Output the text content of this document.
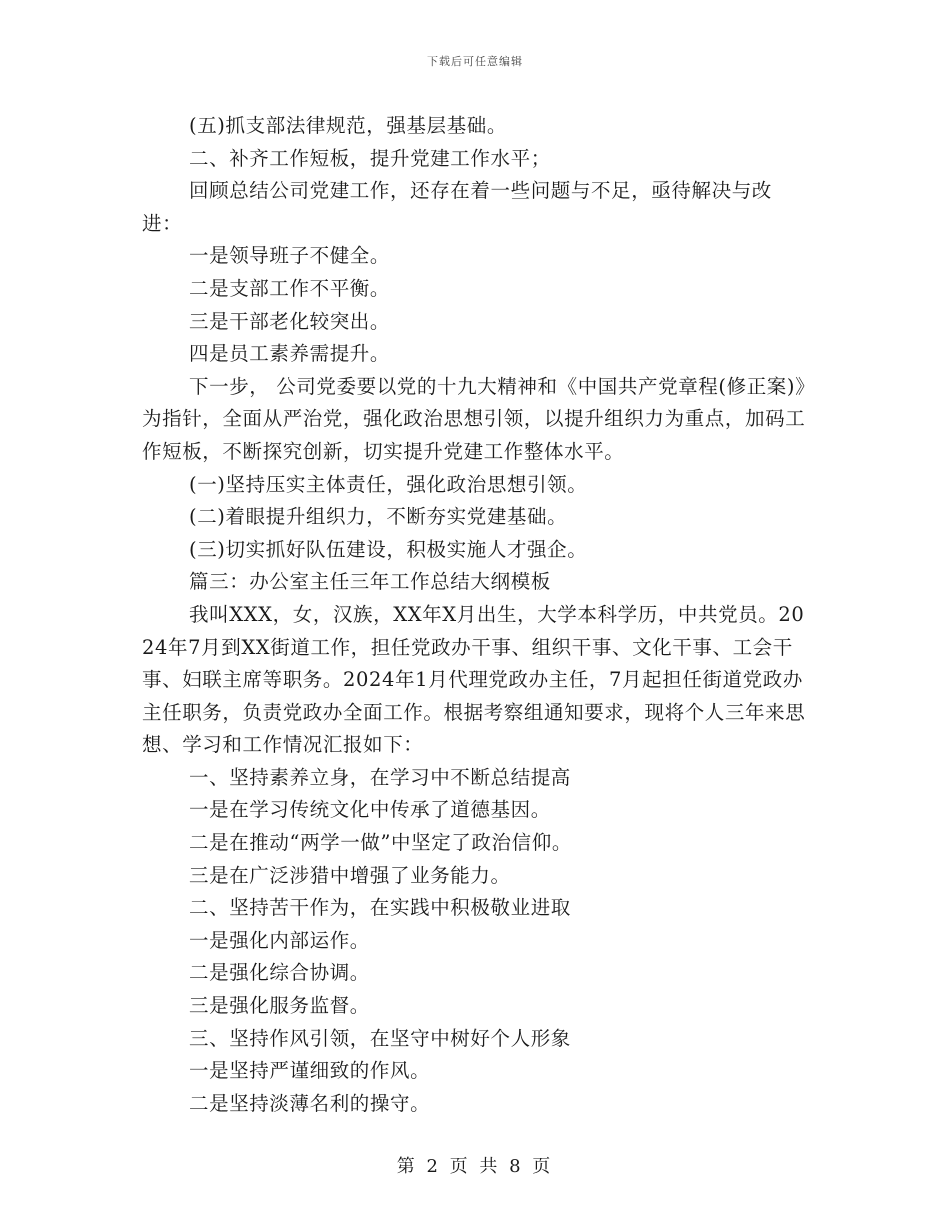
下载后可任意编辑

(五)抓支部法律规范，强基层基础。

二、补齐工作短板，提升党建工作水平；

回顾总结公司党建工作，还存在着一些问题与不足，亟待解决与改进：

一是领导班子不健全。

二是支部工作不平衡。

三是干部老化较突出。

四是员工素养需提升。

下一步， 公司党委要以党的十九大精神和《中国共产党章程(修正案)》为指针，全面从严治党，强化政治思想引领，以提升组织力为重点，加码工作短板，不断探究创新，切实提升党建工作整体水平。

(一)坚持压实主体责任，强化政治思想引领。

(二)着眼提升组织力，不断夯实党建基础。

(三)切实抓好队伍建设，积极实施人才强企。

篇三：办公室主任三年工作总结大纲模板

我叫XXX，女，汉族，XX年X月出生，大学本科学历，中共党员。2024年7月到XX街道工作，担任党政办干事、组织干事、文化干事、工会干事、妇联主席等职务。2024年1月代理党政办主任，7月起担任街道党政办主任职务，负责党政办全面工作。根据考察组通知要求，现将个人三年来思想、学习和工作情况汇报如下：

一、坚持素养立身，在学习中不断总结提高

一是在学习传统文化中传承了道德基因。

二是在推动“两学一做”中坚定了政治信仰。

三是在广泛涉猎中增强了业务能力。

二、坚持苦干作为，在实践中积极敬业进取

一是强化内部运作。

二是强化综合协调。

三是强化服务监督。

三、坚持作风引领，在坚守中树好个人形象

一是坚持严谨细致的作风。

二是坚持淡薄名利的操守。

第 2 页 共 8 页
